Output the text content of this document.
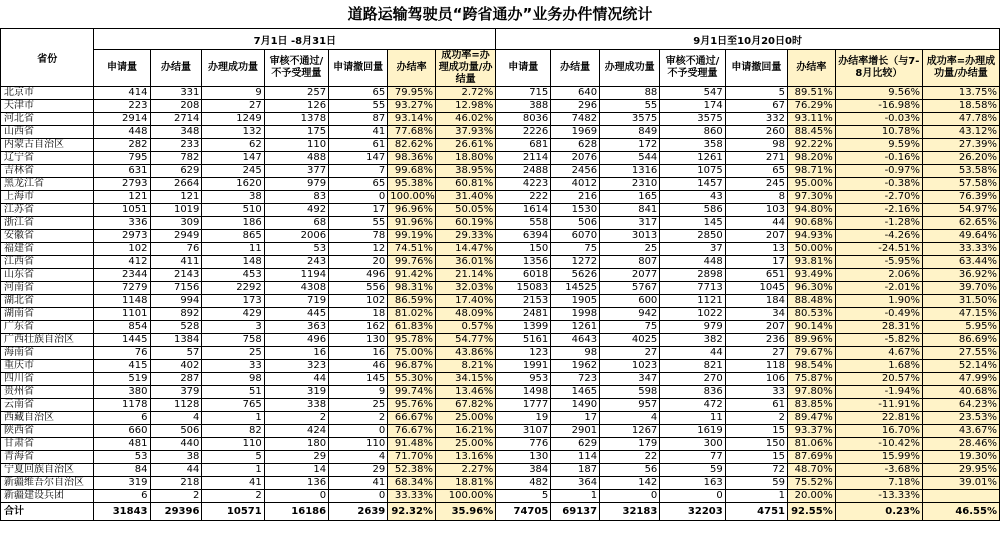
道路运输驾驶员“跨省通办”业务办件情况统计
省份	7月1日 -8月31日							9月1日至10月20日0时							
	申请量	办结量	办理成功量	审核不通过/不予受理量	申请撤回量	办结率	成功率=办理成功量/办结量	申请量	办结量	办理成功量	审核不通过/不予受理量	申请撤回量	办结率	办结率增长（与7-8月比较）	成功率=办理成功量/办结量
北京市	414	331	9	257	65	79.95%	2.72%	715	640	88	547	5	89.51%	9.56%	13.75%
天津市	223	208	27	126	55	93.27%	12.98%	388	296	55	174	67	76.29%	-16.98%	18.58%
河北省	2914	2714	1249	1378	87	93.14%	46.02%	8036	7482	3575	3575	332	93.11%	-0.03%	47.78%
山西省	448	348	132	175	41	77.68%	37.93%	2226	1969	849	860	260	88.45%	10.78%	43.12%
内蒙古自治区	282	233	62	110	61	82.62%	26.61%	681	628	172	358	98	92.22%	9.59%	27.39%
辽宁省	795	782	147	488	147	98.36%	18.80%	2114	2076	544	1261	271	98.20%	-0.16%	26.20%
吉林省	631	629	245	377	7	99.68%	38.95%	2488	2456	1316	1075	65	98.71%	-0.97%	53.58%
黑龙江省	2793	2664	1620	979	65	95.38%	60.81%	4223	4012	2310	1457	245	95.00%	-0.38%	57.58%
上海市	121	121	38	83	0	100.00%	31.40%	222	216	165	43	8	97.30%	-2.70%	76.39%
江苏省	1051	1019	510	492	17	96.96%	50.05%	1614	1530	841	586	103	94.80%	-2.16%	54.97%
浙江省	336	309	186	68	55	91.96%	60.19%	558	506	317	145	44	90.68%	-1.28%	62.65%
安徽省	2973	2949	865	2006	78	99.19%	29.33%	6394	6070	3013	2850	207	94.93%	-4.26%	49.64%
福建省	102	76	11	53	12	74.51%	14.47%	150	75	25	37	13	50.00%	-24.51%	33.33%
江西省	412	411	148	243	20	99.76%	36.01%	1356	1272	807	448	17	93.81%	-5.95%	63.44%
山东省	2344	2143	453	1194	496	91.42%	21.14%	6018	5626	2077	2898	651	93.49%	2.06%	36.92%
河南省	7279	7156	2292	4308	556	98.31%	32.03%	15083	14525	5767	7713	1045	96.30%	-2.01%	39.70%
湖北省	1148	994	173	719	102	86.59%	17.40%	2153	1905	600	1121	184	88.48%	1.90%	31.50%
湖南省	1101	892	429	445	18	81.02%	48.09%	2481	1998	942	1022	34	80.53%	-0.49%	47.15%
广东省	854	528	3	363	162	61.83%	0.57%	1399	1261	75	979	207	90.14%	28.31%	5.95%
广西壮族自治区	1445	1384	758	496	130	95.78%	54.77%	5161	4643	4025	382	236	89.96%	-5.82%	86.69%
海南省	76	57	25	16	16	75.00%	43.86%	123	98	27	44	27	79.67%	4.67%	27.55%
重庆市	415	402	33	323	46	96.87%	8.21%	1991	1962	1023	821	118	98.54%	1.68%	52.14%
四川省	519	287	98	44	145	55.30%	34.15%	953	723	347	270	106	75.87%	20.57%	47.99%
贵州省	380	379	51	319	9	99.74%	13.46%	1498	1465	598	836	33	97.80%	-1.94%	40.68%
云南省	1178	1128	765	338	25	95.76%	67.82%	1777	1490	957	472	61	83.85%	-11.91%	64.23%
西藏自治区	6	4	1	2	2	66.67%	25.00%	19	17	4	11	2	89.47%	22.81%	23.53%
陕西省	660	506	82	424	0	76.67%	16.21%	3107	2901	1267	1619	15	93.37%	16.70%	43.67%
甘肃省	481	440	110	180	110	91.48%	25.00%	776	629	179	300	150	81.06%	-10.42%	28.46%
青海省	53	38	5	29	4	71.70%	13.16%	130	114	22	77	15	87.69%	15.99%	19.30%
宁夏回族自治区	84	44	1	14	29	52.38%	2.27%	384	187	56	59	72	48.70%	-3.68%	29.95%
新疆维吾尔自治区	319	218	41	136	41	68.34%	18.81%	482	364	142	163	59	75.52%	7.18%	39.01%
新疆建设兵团	6	2	2	0	0	33.33%	100.00%	5	1	0	0	1	20.00%	-13.33%	
合计	31843	29396	10571	16186	2639	92.32%	35.96%	74705	69137	32183	32203	4751	92.55%	0.23%	46.55%
